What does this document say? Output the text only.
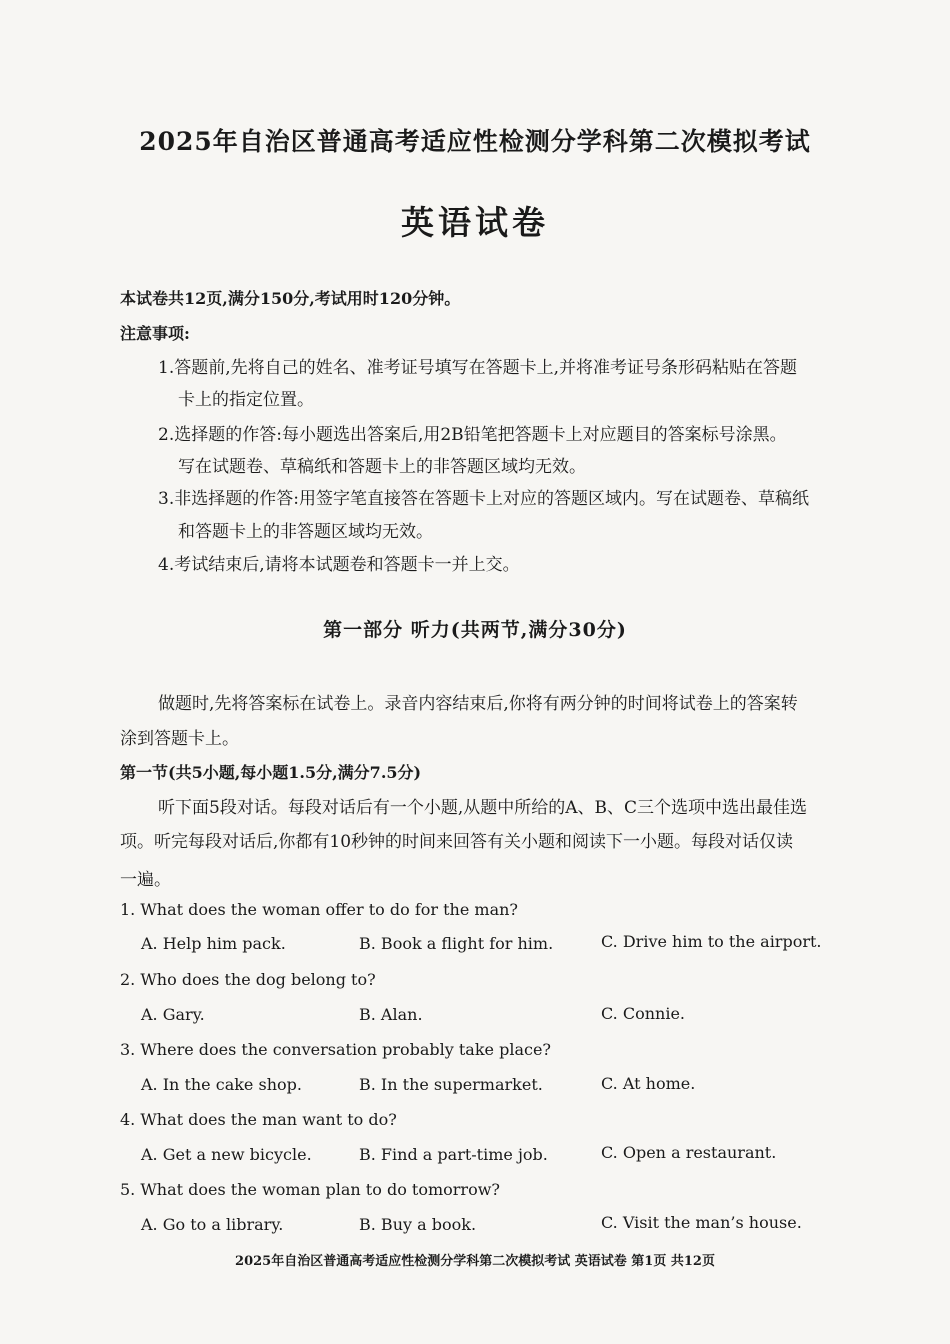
2025年自治区普通高考适应性检测分学科第二次模拟考试
英语试卷
本试卷共12页,满分150分,考试用时120分钟。
注意事项:
1.答题前,先将自己的姓名、准考证号填写在答题卡上,并将准考证号条形码粘贴在答题
卡上的指定位置。
2.选择题的作答:每小题选出答案后,用2B铅笔把答题卡上对应题目的答案标号涂黑。
写在试题卷、草稿纸和答题卡上的非答题区域均无效。
3.非选择题的作答:用签字笔直接答在答题卡上对应的答题区域内。写在试题卷、草稿纸
和答题卡上的非答题区域均无效。
4.考试结束后,请将本试题卷和答题卡一并上交。
第一部分 听力(共两节,满分30分)
做题时,先将答案标在试卷上。录音内容结束后,你将有两分钟的时间将试卷上的答案转
涂到答题卡上。
第一节(共5小题,每小题1.5分,满分7.5分)
听下面5段对话。每段对话后有一个小题,从题中所给的A、B、C三个选项中选出最佳选
项。听完每段对话后,你都有10秒钟的时间来回答有关小题和阅读下一小题。每段对话仅读
一遍。
1. What does the woman offer to do for the man?
A. Help him pack.	B. Book a flight for him.	C. Drive him to the airport.
2. Who does the dog belong to?
A. Gary.	B. Alan.	C. Connie.
3. Where does the conversation probably take place?
A. In the cake shop.	B. In the supermarket.	C. At home.
4. What does the man want to do?
A. Get a new bicycle.	B. Find a part-time job.	C. Open a restaurant.
5. What does the woman plan to do tomorrow?
A. Go to a library.	B. Buy a book.	C. Visit the man’s house.
2025年自治区普通高考适应性检测分学科第二次模拟考试 英语试卷 第1页 共12页
